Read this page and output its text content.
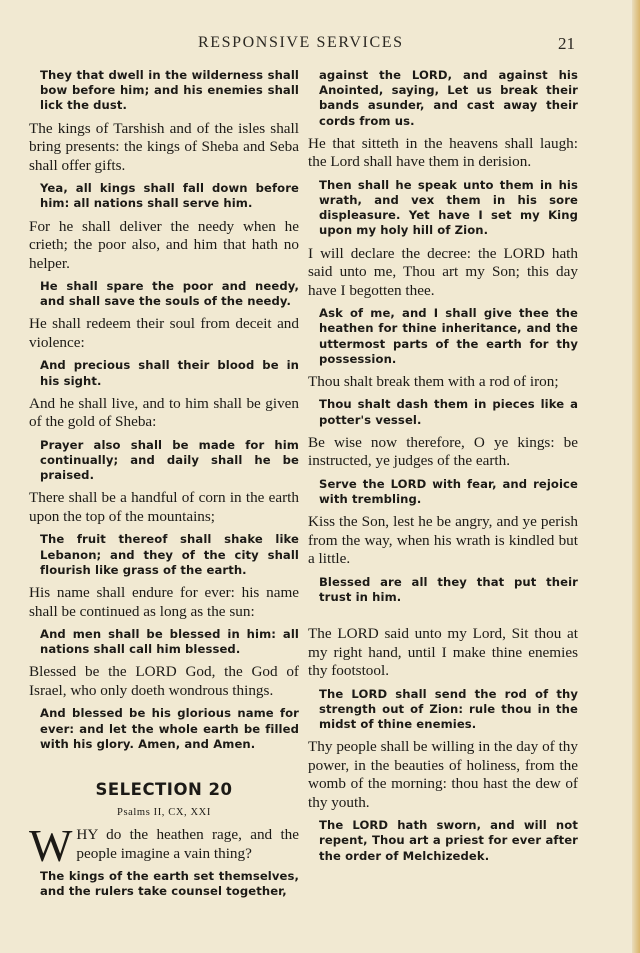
RESPONSIVE SERVICES	21

They that dwell in the wilderness shall bow before him; and his enemies shall lick the dust.

The kings of Tarshish and of the isles shall bring presents: the kings of Sheba and Seba shall offer gifts.

Yea, all kings shall fall down before him: all nations shall serve him.

For he shall deliver the needy when he crieth; the poor also, and him that hath no helper.

He shall spare the poor and needy, and shall save the souls of the needy.

He shall redeem their soul from deceit and violence:

And precious shall their blood be in his sight.

And he shall live, and to him shall be given of the gold of Sheba:

Prayer also shall be made for him continually; and daily shall he be praised.

There shall be a handful of corn in the earth upon the top of the mountains;

The fruit thereof shall shake like Lebanon; and they of the city shall flourish like grass of the earth.

His name shall endure for ever: his name shall be continued as long as the sun:

And men shall be blessed in him: all nations shall call him blessed.

Blessed be the LORD God, the God of Israel, who only doeth wondrous things.

And blessed be his glorious name for ever: and let the whole earth be filled with his glory. Amen, and Amen.

SELECTION 20

Psalms II, CX, XXI

WHY do the heathen rage, and the people imagine a vain thing?

The kings of the earth set themselves, and the rulers take counsel together,

against the LORD, and against his Anointed, saying, Let us break their bands asunder, and cast away their cords from us.

He that sitteth in the heavens shall laugh: the Lord shall have them in derision.

Then shall he speak unto them in his wrath, and vex them in his sore displeasure. Yet have I set my King upon my holy hill of Zion.

I will declare the decree: the LORD hath said unto me, Thou art my Son; this day have I begotten thee.

Ask of me, and I shall give thee the heathen for thine inheritance, and the uttermost parts of the earth for thy possession.

Thou shalt break them with a rod of iron;

Thou shalt dash them in pieces like a potter's vessel.

Be wise now therefore, O ye kings: be instructed, ye judges of the earth.

Serve the LORD with fear, and rejoice with trembling.

Kiss the Son, lest he be angry, and ye perish from the way, when his wrath is kindled but a little.

Blessed are all they that put their trust in him.

The LORD said unto my Lord, Sit thou at my right hand, until I make thine enemies thy footstool.

The LORD shall send the rod of thy strength out of Zion: rule thou in the midst of thine enemies.

Thy people shall be willing in the day of thy power, in the beauties of holiness, from the womb of the morning: thou hast the dew of thy youth.

The LORD hath sworn, and will not repent, Thou art a priest for ever after the order of Melchizedek.
